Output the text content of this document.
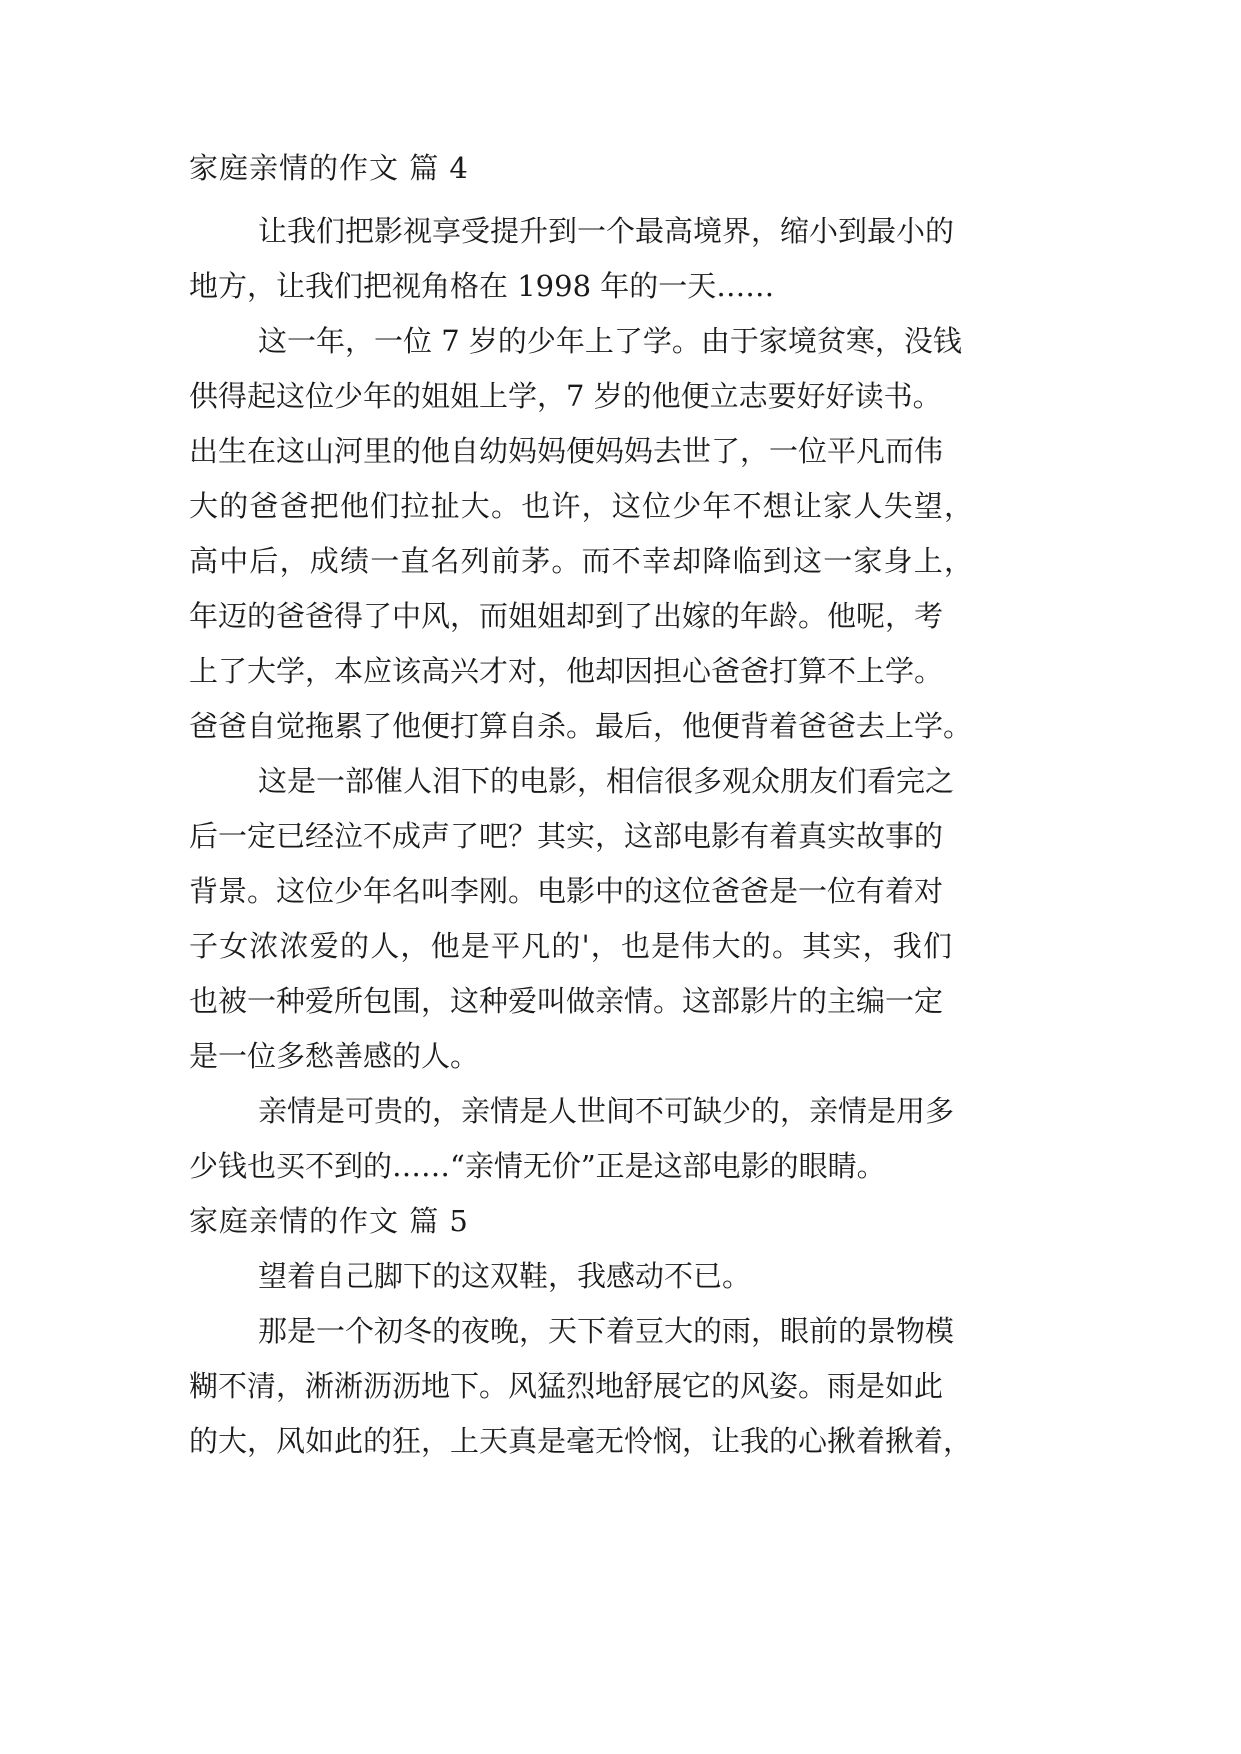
家庭亲情的作文 篇 4
让我们把影视享受提升到一个最高境界，缩小到最小的
地方，让我们把视角格在 1998 年的一天……
这一年，一位 7 岁的少年上了学。由于家境贫寒，没钱
供得起这位少年的姐姐上学，7 岁的他便立志要好好读书。
出生在这山河里的他自幼妈妈便妈妈去世了，一位平凡而伟
大的爸爸把他们拉扯大。也许，这位少年不想让家人失望，
高中后，成绩一直名列前茅。而不幸却降临到这一家身上，
年迈的爸爸得了中风，而姐姐却到了出嫁的年龄。他呢，考
上了大学，本应该高兴才对，他却因担心爸爸打算不上学。
爸爸自觉拖累了他便打算自杀。最后，他便背着爸爸去上学。
这是一部催人泪下的电影，相信很多观众朋友们看完之
后一定已经泣不成声了吧？其实，这部电影有着真实故事的
背景。这位少年名叫李刚。电影中的这位爸爸是一位有着对
子女浓浓爱的人，他是平凡的'，也是伟大的。其实，我们
也被一种爱所包围，这种爱叫做亲情。这部影片的主编一定
是一位多愁善感的人。
亲情是可贵的，亲情是人世间不可缺少的，亲情是用多
少钱也买不到的……“亲情无价”正是这部电影的眼睛。
家庭亲情的作文 篇 5
望着自己脚下的这双鞋，我感动不已。
那是一个初冬的夜晚，天下着豆大的雨，眼前的景物模
糊不清，淅淅沥沥地下。风猛烈地舒展它的风姿。雨是如此
的大，风如此的狂，上天真是毫无怜悯，让我的心揪着揪着，
